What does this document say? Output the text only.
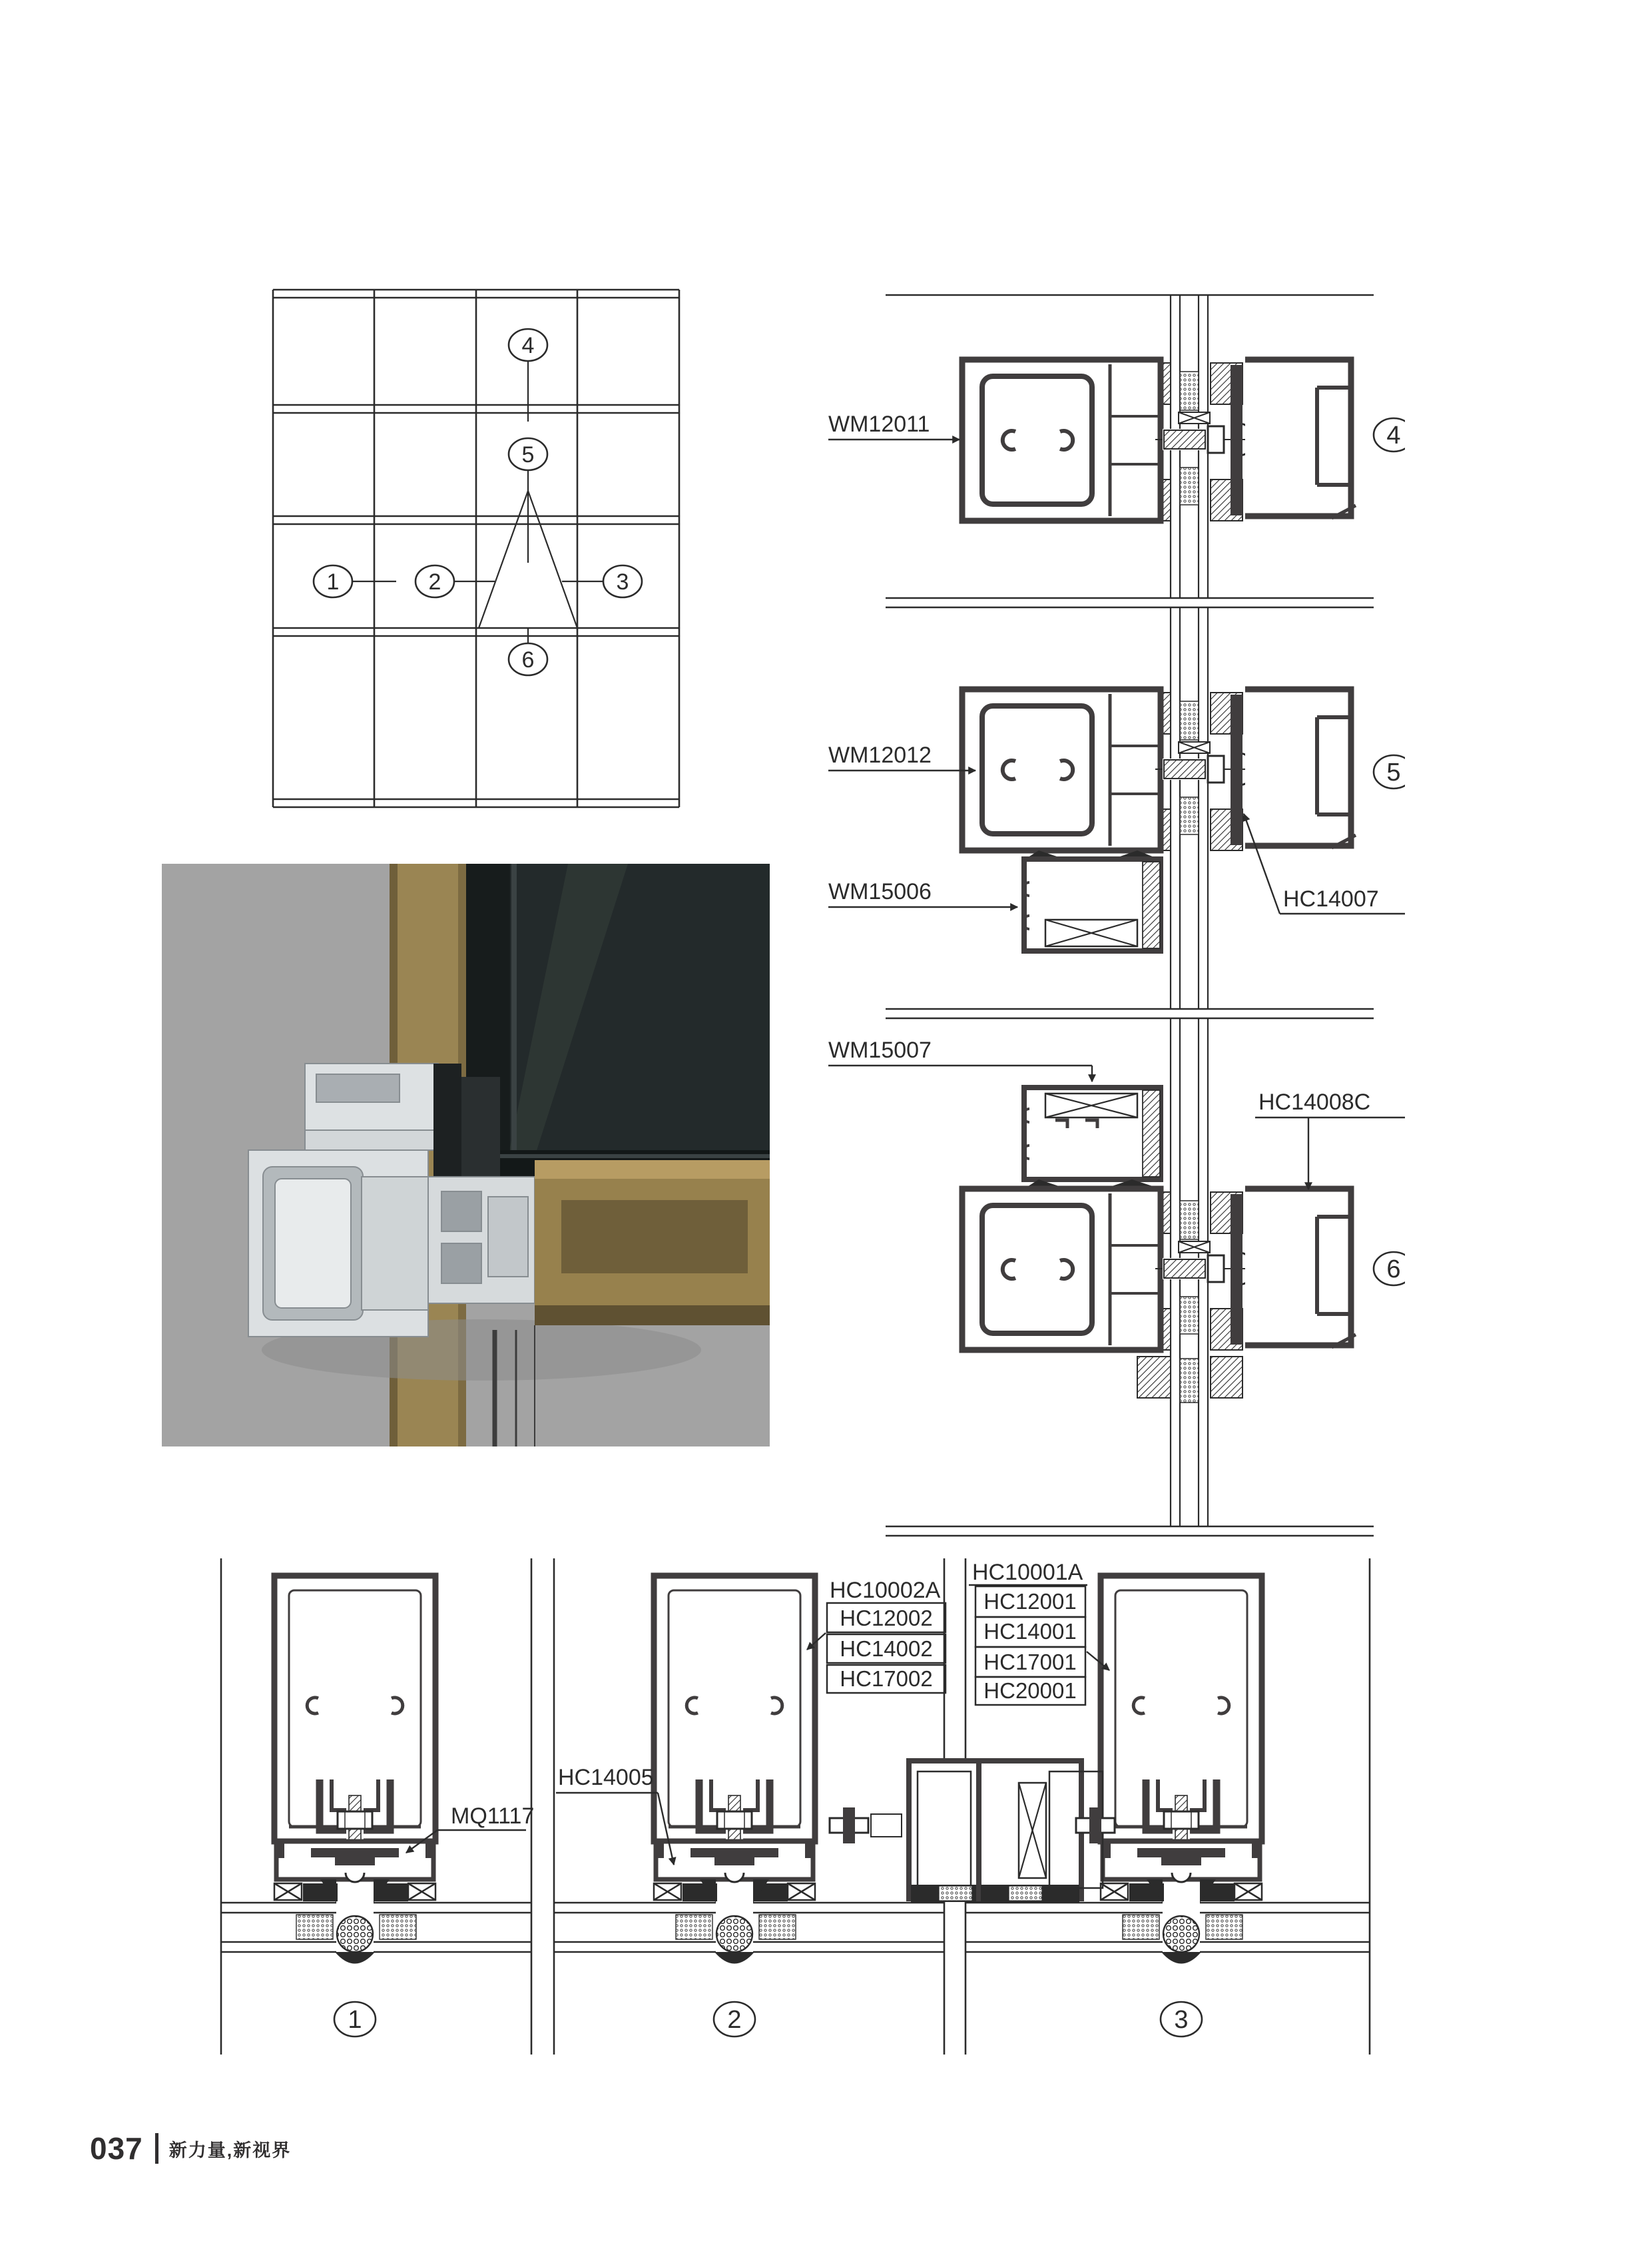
4
5
1	2	3
6
WM12011	4
WM12012
WM15006	HC14007
5
WM15007
HC14008C
6
MQ1117
1
HC14005
HC10002A
HC12002
HC14002
HC17002
2
HC10001A
HC12001
HC14001
HC17001
HC20001
3
037 新力量,新视界
